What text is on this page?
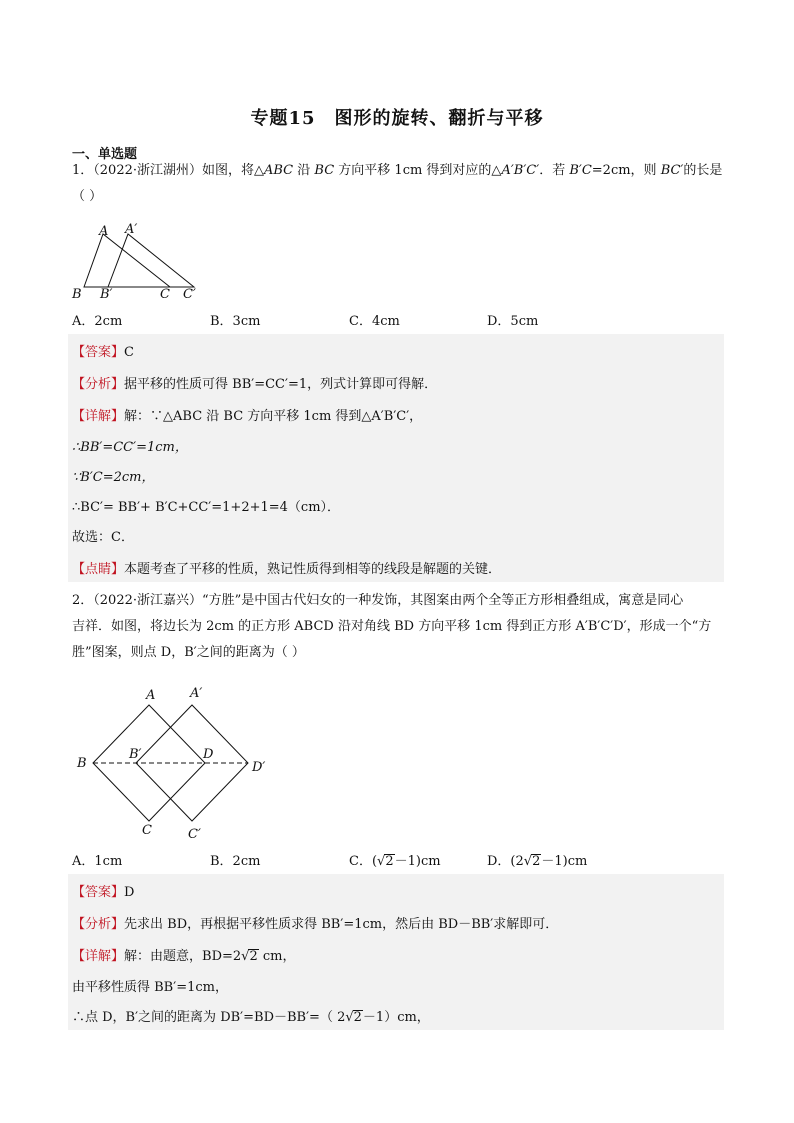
专题15　图形的旋转、翻折与平移
一、单选题
1．（2022·浙江湖州）如图，将△ABC 沿 BC 方向平移 1cm 得到对应的△A′B′C′．若 B′C=2cm，则 BC′的长是
（ ）
A A′
B B′	C C′
A．2cm	B．3cm	C．4cm	D．5cm
【答案】C
【分析】据平移的性质可得 BB′=CC′=1，列式计算即可得解．
【详解】解：∵△ABC 沿 BC 方向平移 1cm 得到△A′B′C′，
∴BB′=CC′=1cm，
∵B′C=2cm，
∴BC′= BB′+ B′C+CC′=1+2+1=4（cm）．
故选：C．
【点睛】本题考查了平移的性质，熟记性质得到相等的线段是解题的关键．
2．（2022·浙江嘉兴）“方胜”是中国古代妇女的一种发饰，其图案由两个全等正方形相叠组成，寓意是同心
吉祥．如图，将边长为 2cm 的正方形 ABCD 沿对角线 BD 方向平移 1cm 得到正方形 A′B′C′D′，形成一个“方
胜”图案，则点 D，B′之间的距离为（ ）
A	A′
B
B′	D
D′
C	C′
A．1cm	B．2cm	C．(√2－1)cm	D．(2√2－1)cm
【答案】D
【分析】先求出 BD，再根据平移性质求得 BB′=1cm，然后由 BD－BB′求解即可．
【详解】解：由题意，BD=2√2 cm，
由平移性质得 BB′=1cm，
∴点 D，B′之间的距离为 DB′=BD－BB′=（ 2√2－1）cm，
